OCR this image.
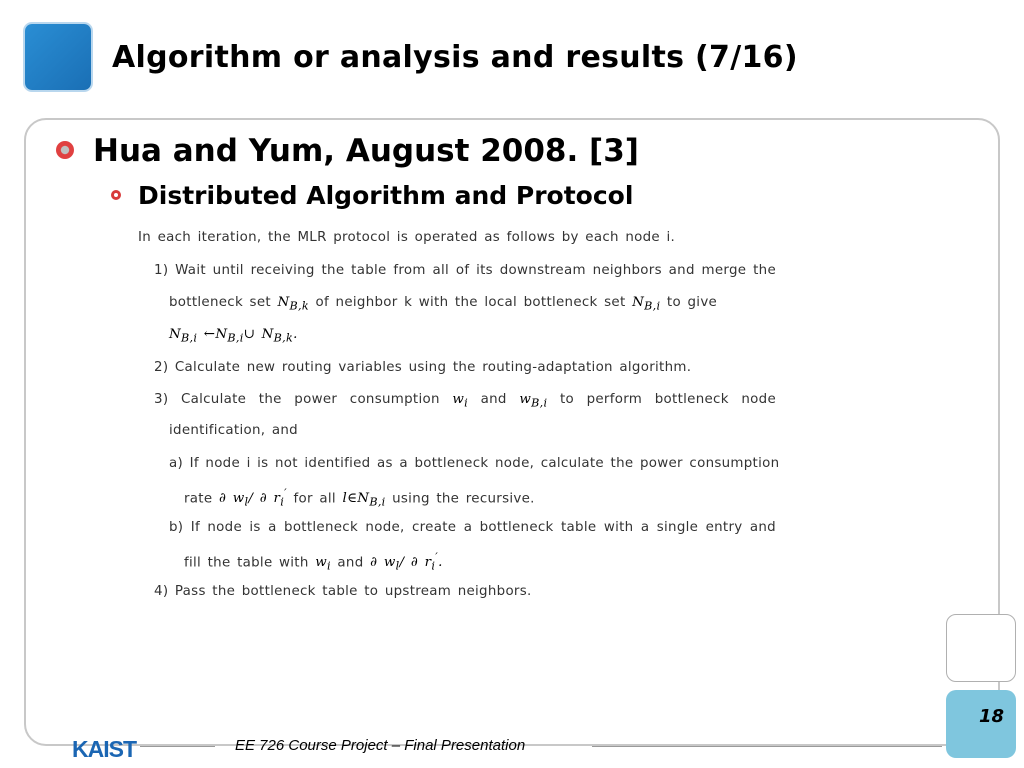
Algorithm or analysis and results (7/16)
Hua and Yum, August 2008. [3]
Distributed Algorithm and Protocol
In each iteration, the MLR protocol is operated as follows by each node i.
1) Wait until receiving the table from all of its downstream neighbors and merge the
bottleneck set $N_{B,k}$ of neighbor k with the local bottleneck set $N_{B,i}$ to give
$N_{B,i}$ $\leftarrow N_{B,i}\cup$ $N_{B,k}$.
2) Calculate new routing variables using the routing-adaptation algorithm.
3) Calculate the power consumption $w_i$ and $w_{B,i}$ to perform bottleneck node
identification, and
a) If node i is not identified as a bottleneck node, calculate the power consumption
rate ∂ $w_l/$ ∂ $r_i'$ for all $l\in N_{B,i}$ using the recursive.
b) If node is a bottleneck node, create a bottleneck table with a single entry and
fill the table with $w_i$ and ∂ $w_l/$ ∂ $r_i'$.
4) Pass the bottleneck table to upstream neighbors.
18
KAIST	EE 726 Course Project – Final Presentation
